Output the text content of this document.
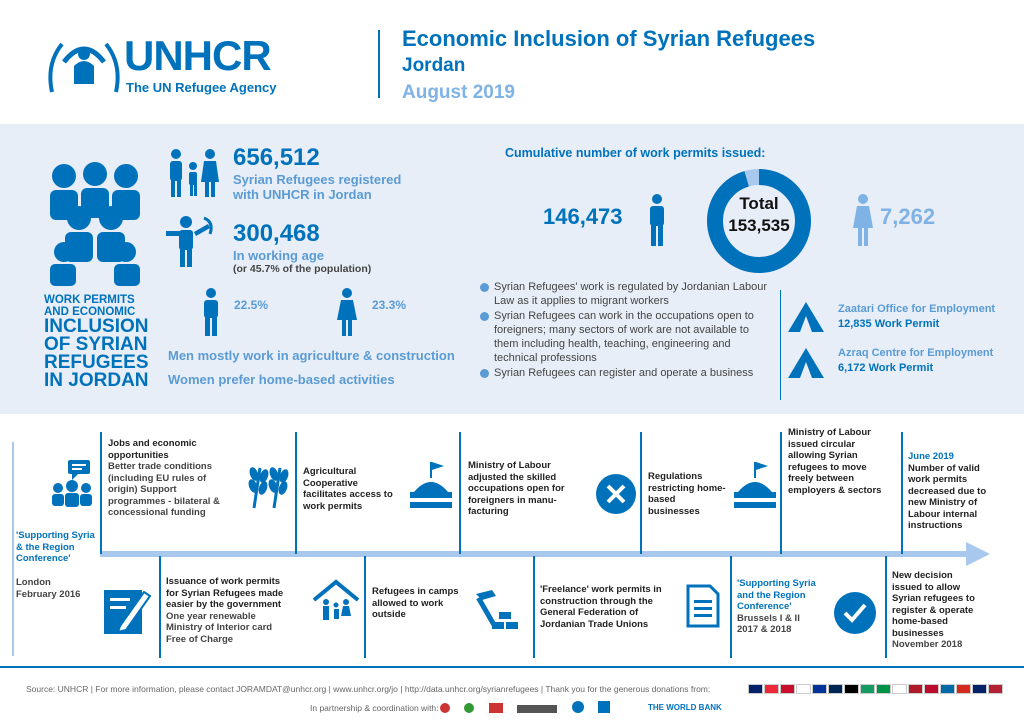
UNHCR
The UN Refugee Agency
Economic Inclusion of Syrian Refugees
Jordan
August 2019
WORK PERMITS
AND ECONOMIC
INCLUSION
OF SYRIAN
REFUGEES
IN JORDAN
656,512
Syrian Refugees registered
with UNHCR in Jordan
300,468
In working age
(or 45.7% of the population)
22.5%	23.3%
Men mostly work in agriculture & construction
Women prefer home-based activities
Cumulative number of work permits issued:
146,473
Total
153,535	7,262
Syrian Refugees' work is regulated by Jordanian Labour Law as it applies to migrant workers
Syrian Refugees can work in the occupations open to foreigners; many sectors of work are not available to them including health, teaching, engineering and technical professions
Syrian Refugees can register and operate a business
Zaatari Office for Employment
12,835 Work Permit
Azraq Centre for Employment
6,172 Work Permit
'Supporting Syria & the Region Conference'
London
February 2016
Jobs and economic opportunities
Better trade conditions (including EU rules of origin) Support programmes - bilateral & concessional funding
Issuance of work permits for Syrian Refugees made easier by the government
One year renewable Ministry of Interior card Free of Charge
Agricultural Cooperative facilitates access to work permits
Refugees in camps allowed to work outside
Ministry of Labour adjusted the skilled occupations open for foreigners in manu-facturing
'Freelance' work permits in construction through the General Federation of Jordanian Trade Unions
Regulations restricting home-based businesses
'Supporting Syria and the Region Conference'
Brussels I & II
2017 & 2018
Ministry of Labour issued circular allowing Syrian refugees to move freely between employers & sectors
New decision issued to allow Syrian refugees to register & operate home-based businesses
November 2018
June 2019
Number of valid work permits decreased due to new Ministry of Labour internal instructions
Source: UNHCR | For more information, please contact JORAMDAT@unhcr.org | www.unhcr.org/jo | http://data.unhcr.org/syrianrefugees | Thank you for the generous donations from:
In partnership & coordination with:
	THE WORLD BANK
